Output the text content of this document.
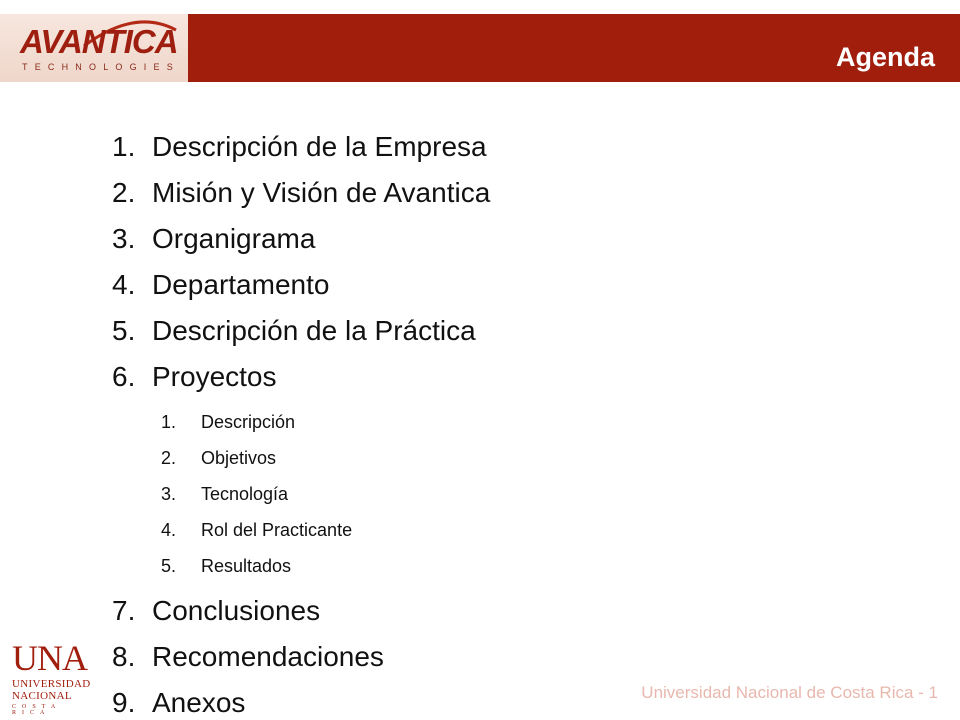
AVANTICA
TECHNOLOGIES	Agenda
1. Descripción de la Empresa
2. Misión y Visión de Avantica
3. Organigrama
4. Departamento
5. Descripción de la Práctica
6. Proyectos
1.	Descripción
2.	Objetivos
3.	Tecnología
4.	Rol del Practicante
5.	Resultados
7. Conclusiones
8. Recomendaciones
9. Anexos
UNA
UNIVERSIDAD
NACIONAL
COSTA RICA
Universidad Nacional de Costa Rica - 1
